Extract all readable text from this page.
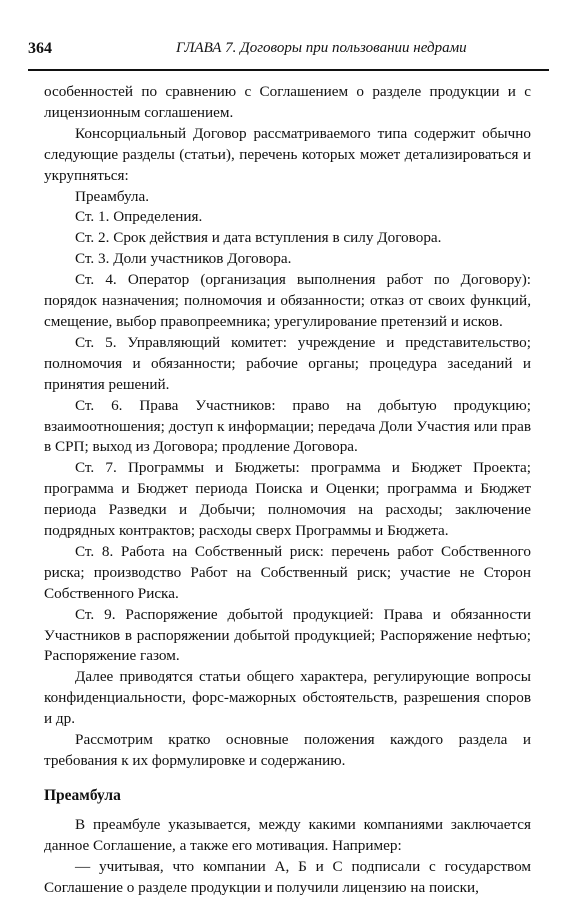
364	ГЛАВА 7. Договоры при пользовании недрами

особенностей по сравнению с Соглашением о разделе продукции и с лицензионным соглашением.

Консорциальный Договор рассматриваемого типа содержит обычно следующие разделы (статьи), перечень которых может детализироваться и укрупняться:

Преамбула.

Ст. 1. Определения.

Ст. 2. Срок действия и дата вступления в силу Договора.

Ст. 3. Доли участников Договора.

Ст. 4. Оператор (организация выполнения работ по Договору): порядок назначения; полномочия и обязанности; отказ от своих функций, смещение, выбор правопреемника; урегулирование претензий и исков.

Ст. 5. Управляющий комитет: учреждение и представительство; полномочия и обязанности; рабочие органы; процедура заседаний и принятия решений.

Ст. 6. Права Участников: право на добытую продукцию; взаимоотношения; доступ к информации; передача Доли Участия или прав в СРП; выход из Договора; продление Договора.

Ст. 7. Программы и Бюджеты: программа и Бюджет Проекта; программа и Бюджет периода Поиска и Оценки; программа и Бюджет периода Разведки и Добычи; полномочия на расходы; заключение подрядных контрактов; расходы сверх Программы и Бюджета.

Ст. 8. Работа на Собственный риск: перечень работ Собственного риска; производство Работ на Собственный риск; участие не Сторон Собственного Риска.

Ст. 9. Распоряжение добытой продукцией: Права и обязанности Участников в распоряжении добытой продукцией; Распоряжение нефтью; Распоряжение газом.

Далее приводятся статьи общего характера, регулирующие вопросы конфиденциальности, форс-мажорных обстоятельств, разрешения споров и др.

Рассмотрим кратко основные положения каждого раздела и требования к их формулировке и содержанию.

Преамбула

В преамбуле указывается, между какими компаниями заключается данное Соглашение, а также его мотивация. Например:

— учитывая, что компании А, Б и С подписали с государством Соглашение о разделе продукции и получили лицензию на поиски,
